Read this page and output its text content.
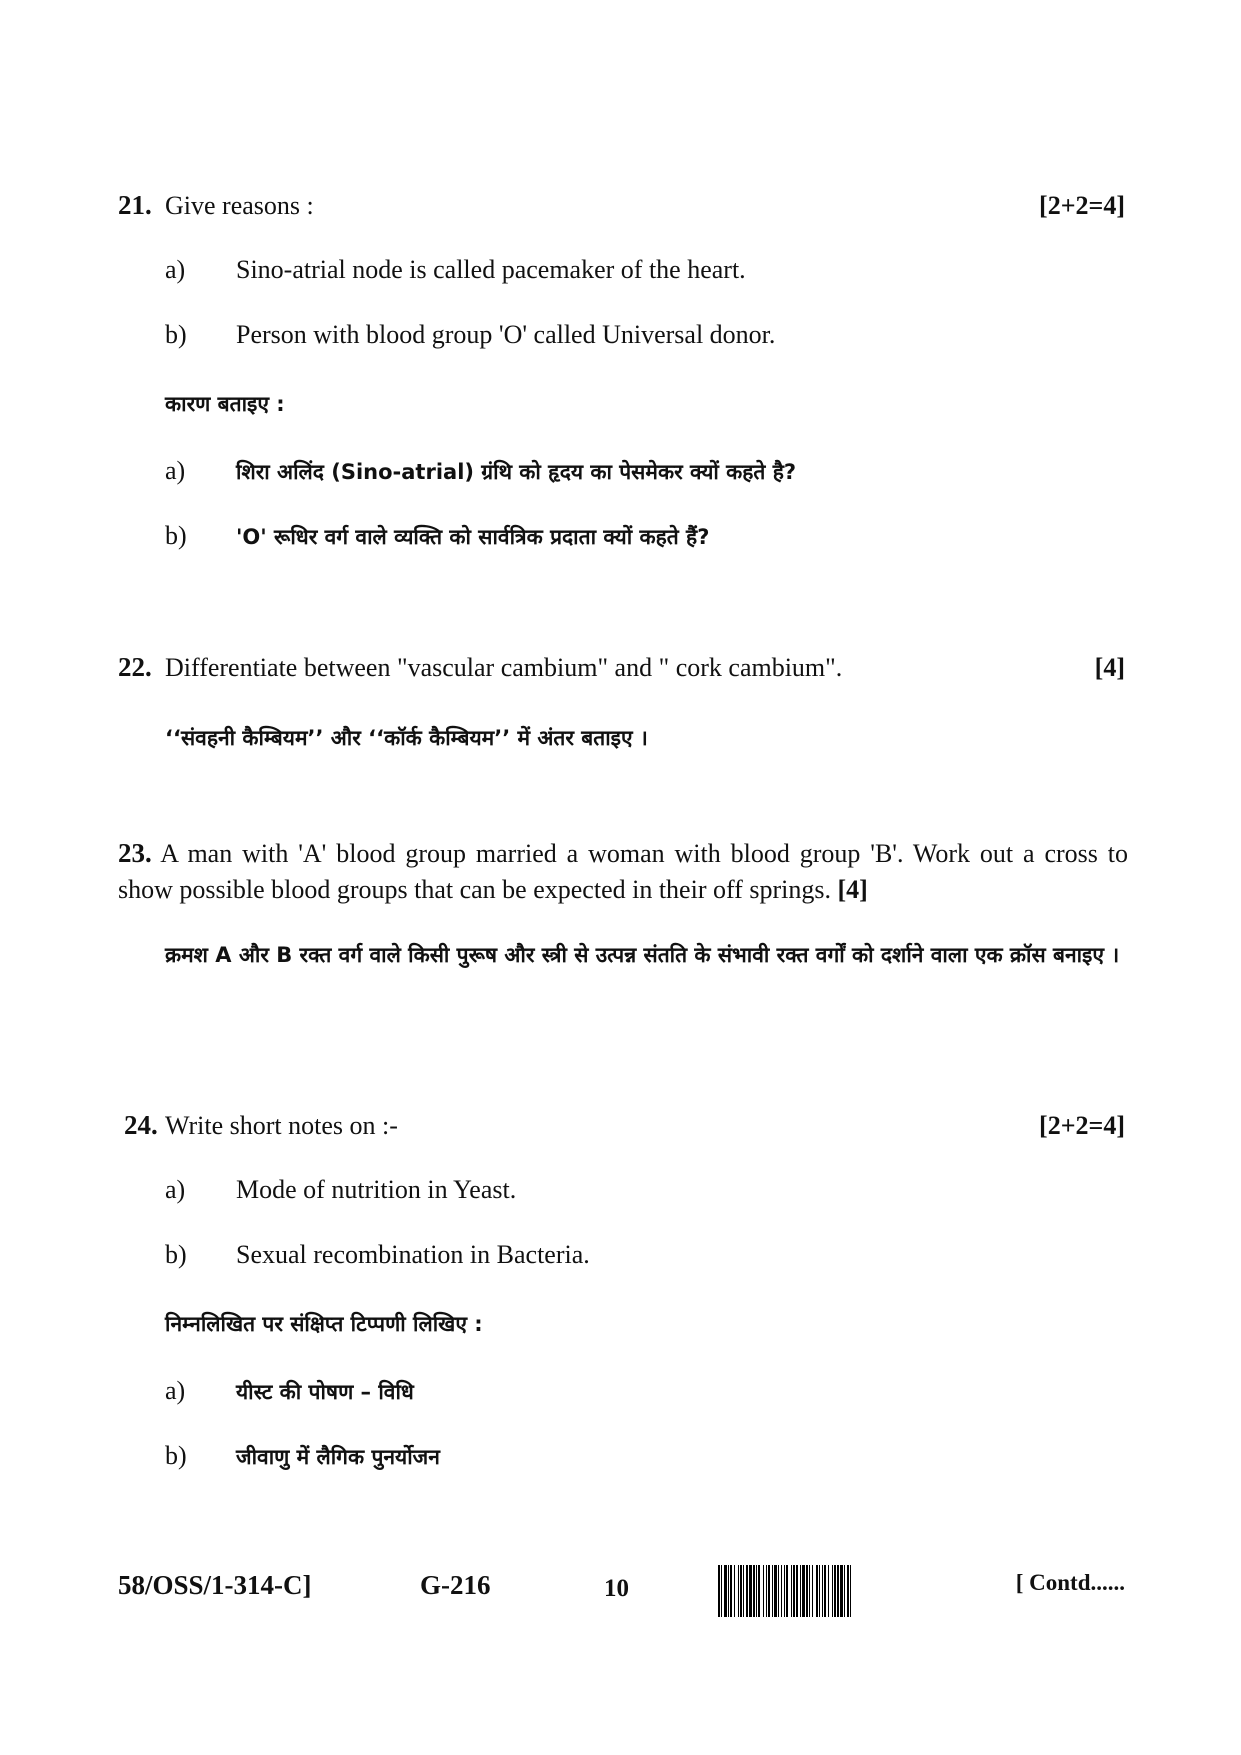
21. Give reasons :	[2+2=4]
a) Sino-atrial node is called pacemaker of the heart.
b) Person with blood group 'O' called Universal donor.
कारण बताइए :
a) शिरा अलिंद (Sino-atrial) ग्रंथि को हृदय का पेसमेकर क्यों कहते है?
b) 'O' रूधिर वर्ग वाले व्यक्ति को सार्वत्रिक प्रदाता क्यों कहते हैं?
22. Differentiate between "vascular cambium" and " cork cambium".	[4]
‘‘संवहनी कैम्बियम’’ और ‘‘कॉर्क कैम्बियम’’ में अंतर बताइए ।
23. A man with 'A' blood group married a woman with blood group 'B'. Work out a cross to show possible blood groups that can be expected in their off springs. [4]
क्रमश A और B रक्त वर्ग वाले किसी पुरूष और स्त्री से उत्पन्न संतति के संभावी रक्त वर्गों को दर्शाने वाला एक क्रॉस बनाइए ।
24. Write short notes on :-	[2+2=4]
a) Mode of nutrition in Yeast.
b) Sexual recombination in Bacteria.
निम्नलिखित पर संक्षिप्त टिप्पणी लिखिए :
a) यीस्ट की पोषण – विधि
b) जीवाणु में लैगिक पुनर्योजन
58/OSS/1-314-C]	G-216	10	[ Contd......
